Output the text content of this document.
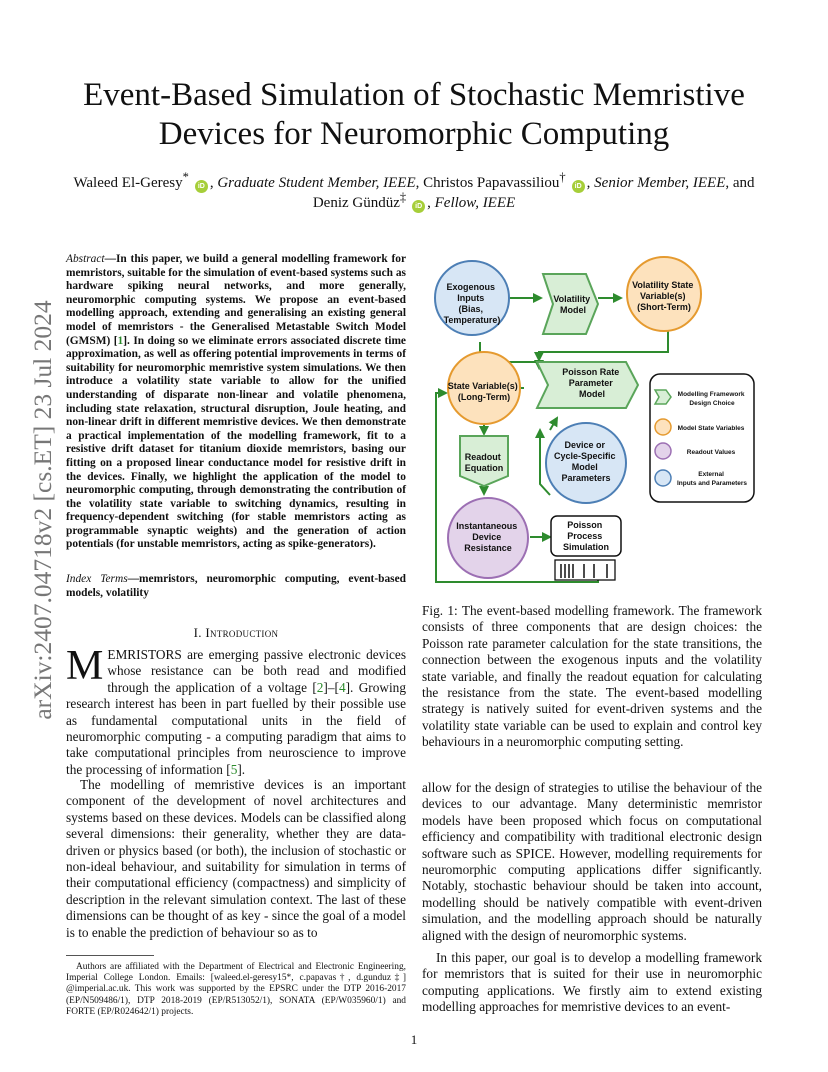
arXiv:2407.04718v2 [cs.ET] 23 Jul 2024
Event-Based Simulation of Stochastic Memristive Devices for Neuromorphic Computing
Waleed El-Geresy*iD , Graduate Student Member, IEEE, Christos Papavassiliou†iD , Senior Member, IEEE, and
Deniz Gündüz‡iD , Fellow, IEEE
Abstract—In this paper, we build a general modelling framework for memristors, suitable for the simulation of event-based systems such as hardware spiking neural networks, and more generally, neuromorphic computing systems. We propose an event-based modelling approach, extending and generalising an existing general model of memristors - the Generalised Metastable Switch Model (GMSM) [1]. In doing so we eliminate errors associated discrete time approximation, as well as offering potential improvements in terms of suitability for neuromorphic memristive system simulations. We then introduce a volatility state variable to allow for the unified understanding of disparate non-linear and volatile phenomena, including state relaxation, structural disruption, Joule heating, and non-linear drift in different memristive devices. We then demonstrate a practical implementation of the modelling framework, fit to a resistive drift dataset for titanium dioxide memristors, basing our fitting on a proposed linear conductance model for resistive drift in the devices. Finally, we highlight the application of the model to neuromorphic computing, through demonstrating the contribution of the volatility state variable to switching dynamics, resulting in frequency-dependent switching (for stable memristors acting as programmable synaptic weights) and the generation of action potentials (for unstable memristors, acting as spike-generators).
Index Terms—memristors, neuromorphic computing, event-based models, volatility
I. Introduction
MEMRISTORS are emerging passive electronic devices whose resistance can be both read and modified through the application of a voltage [2]–[4]. Growing research interest has been in part fuelled by their possible use as fundamental computational units in the field of neuromorphic computing - a computing paradigm that aims to take computational principles from neuroscience to improve the processing of information [5].
The modelling of memristive devices is an important component of the development of novel architectures and systems based on these devices. Models can be classified along several dimensions: their generality, whether they are data-driven or physics based (or both), the inclusion of stochastic or non-ideal behaviour, and suitability for simulation in terms of their computational efficiency (compactness) and simplicity of description in the relevant simulation context. The last of these dimensions can be thought of as key - since the goal of a model is to enable the prediction of behaviour so as to
Authors are affiliated with the Department of Electrical and Electronic Engineering, Imperial College London. Emails: [waleed.el-geresy15*, c.papavas†, d.gunduz‡] @imperial.ac.uk. This work was supported by the EPSRC under the DTP 2016-2017 (EP/N509486/1), DTP 2018-2019 (EP/R513052/1), SONATA (EP/W035960/1) and FORTE (EP/R024642/1) projects.
Exogenous Inputs (Bias, Temperature)
Volatility Model
Volatility State Variable(s) (Short-Term)
Poisson Rate Parameter Model
State Variable(s) (Long-Term)
Readout Equation
Device or Cycle-Specific Model Parameters
Instantaneous Device Resistance
Poisson Process Simulation
Modelling Framework Design Choice
Model State Variables
Readout Values
External Inputs and Parameters
Fig. 1: The event-based modelling framework. The framework consists of three components that are design choices: the Poisson rate parameter calculation for the state transitions, the connection between the exogenous inputs and the volatility state variable, and finally the readout equation for calculating the resistance from the state. The event-based modelling strategy is natively suited for event-driven systems and the volatility state variable can be used to explain and control key behaviours in a neuromorphic computing setting.
allow for the design of strategies to utilise the behaviour of the devices to our advantage. Many deterministic memristor models have been proposed which focus on computational efficiency and compatibility with traditional electronic design software such as SPICE. However, modelling requirements for neuromorphic computing applications differ significantly. Notably, stochastic behaviour should be taken into account, modelling should be natively compatible with event-driven simulation, and the modelling approach should be naturally aligned with the design of neuromorphic systems.
In this paper, our goal is to develop a modelling framework for memristors that is suited for their use in neuromorphic computing applications. We firstly aim to extend existing modelling approaches for memristive devices to an event-
1
